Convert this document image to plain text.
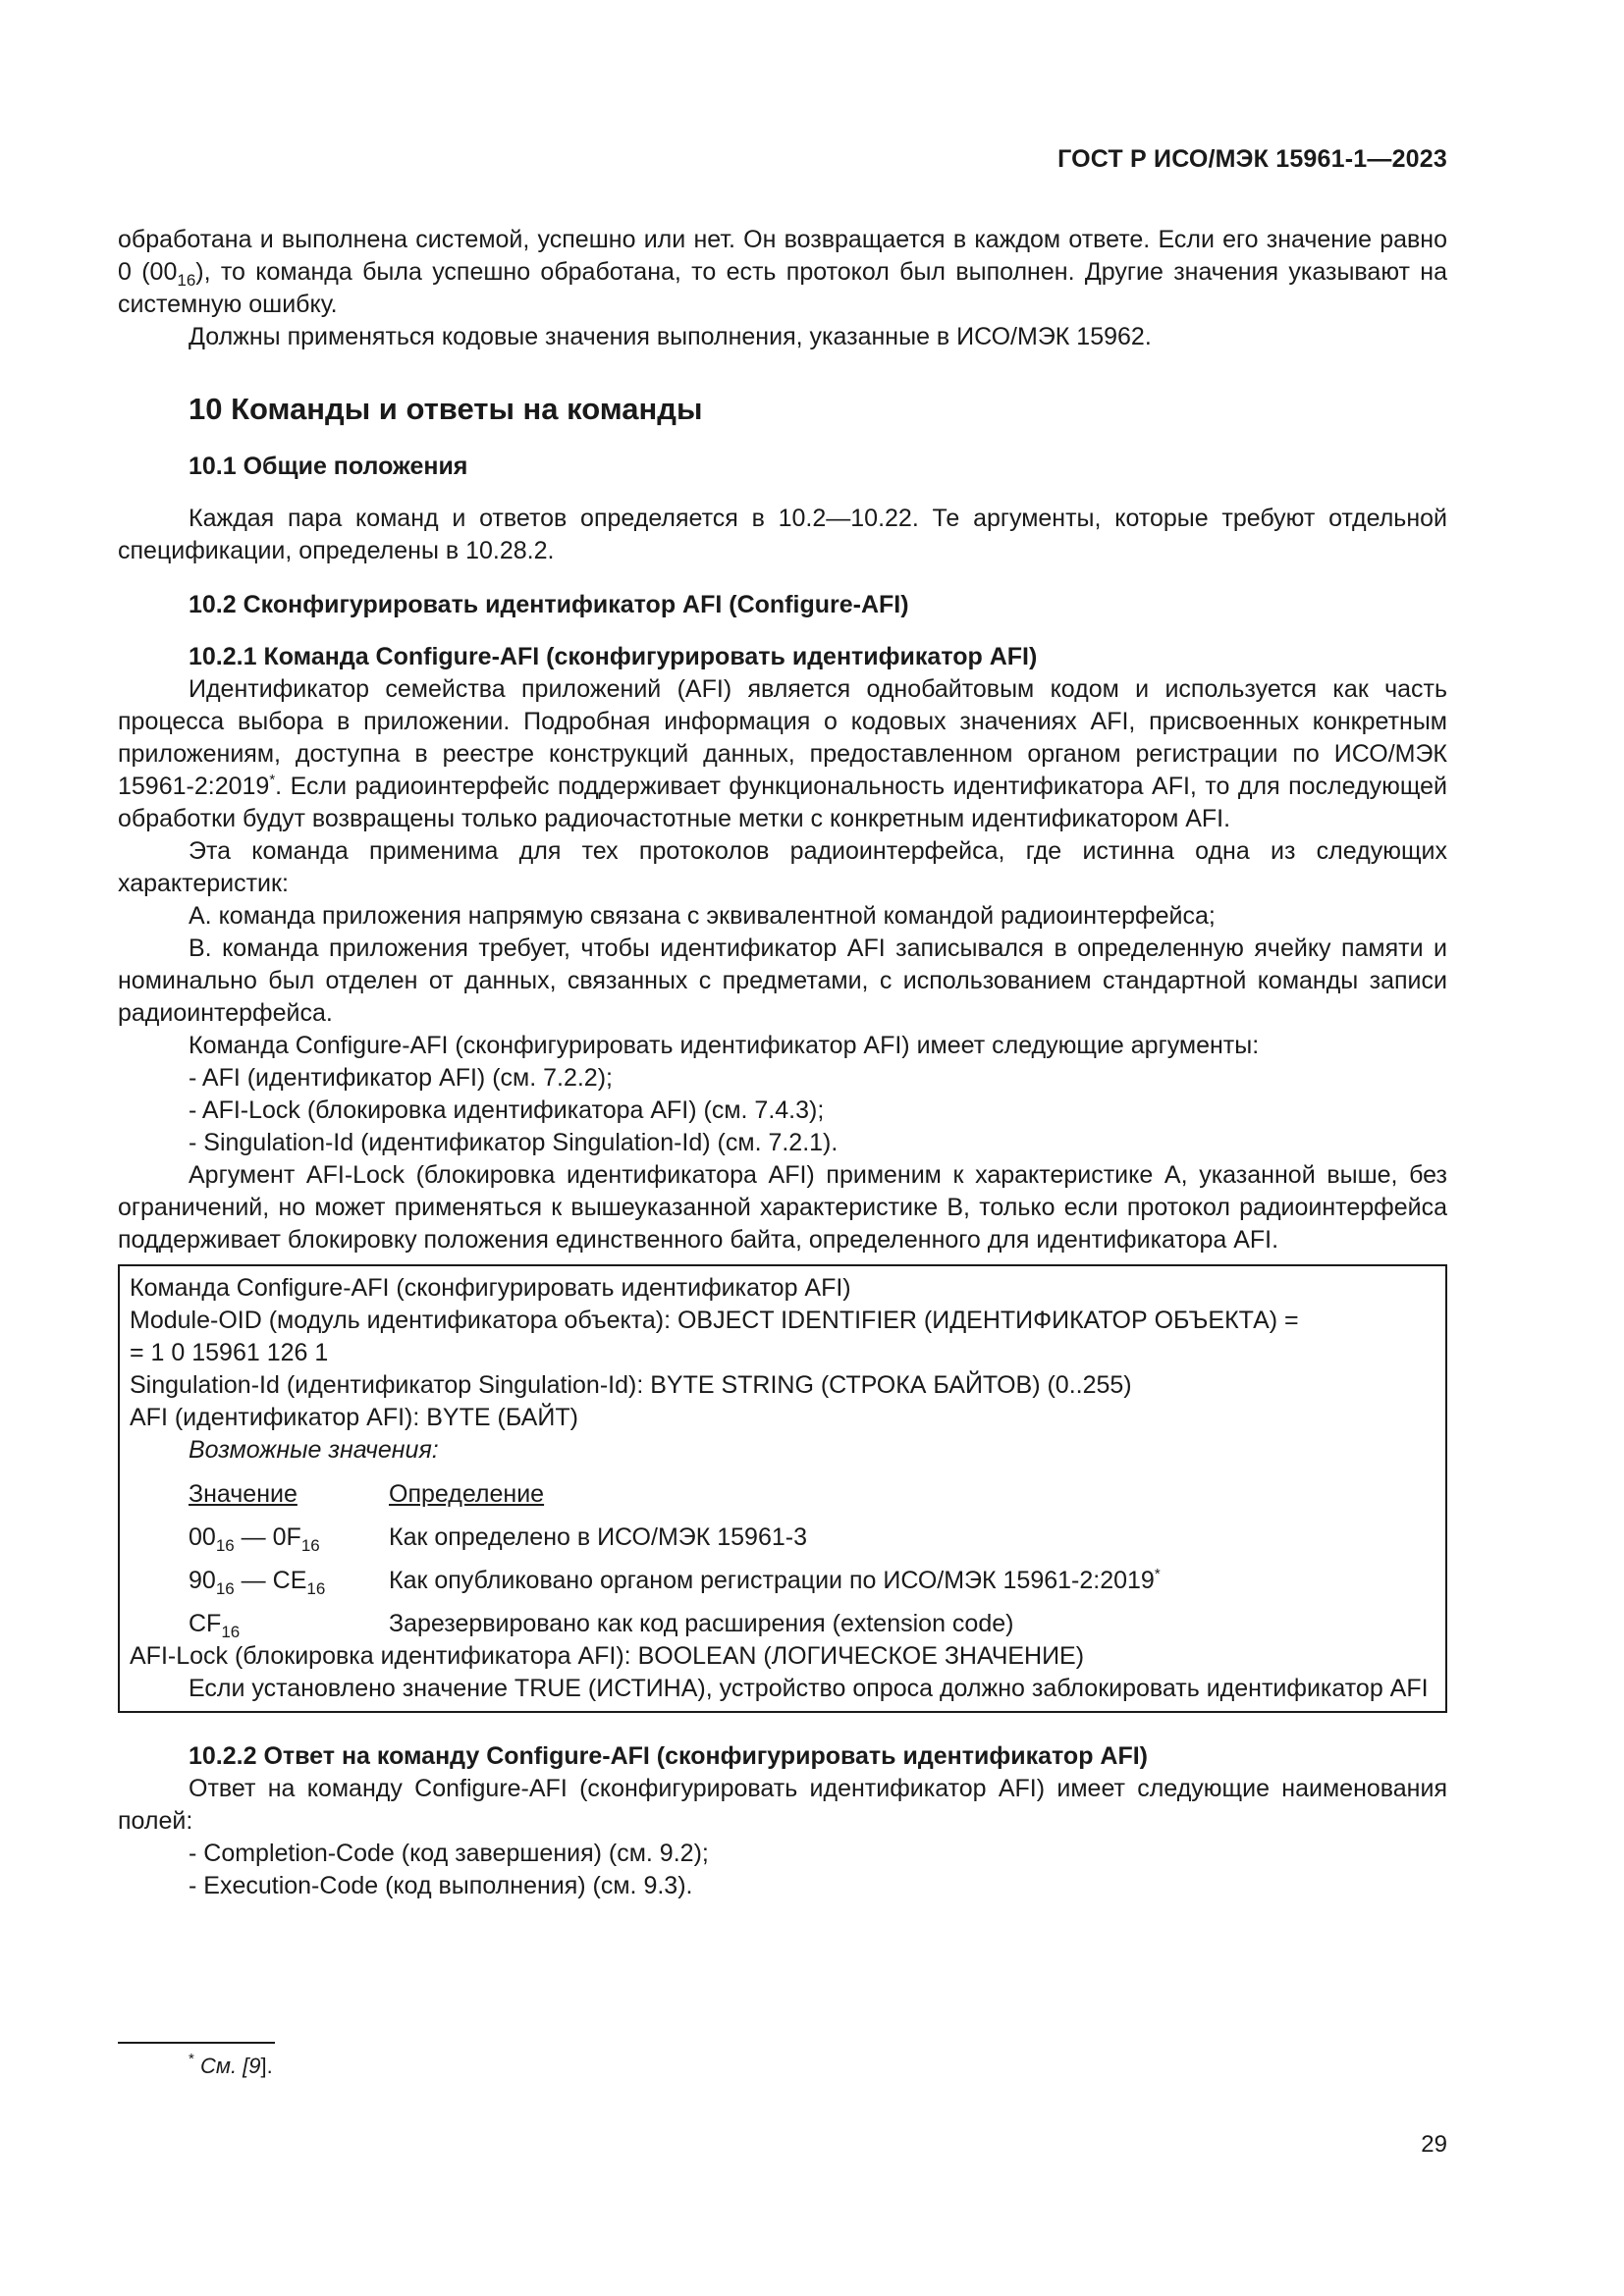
ГОСТ Р ИСО/МЭК 15961-1—2023

обработана и выполнена системой, успешно или нет. Он возвращается в каждом ответе. Если его значение равно 0 $(00_{16})$, то команда была успешно обработана, то есть протокол был выполнен. Другие значения указывают на системную ошибку.

Должны применяться кодовые значения выполнения, указанные в ИСО/МЭК 15962.

10 Команды и ответы на команды

10.1 Общие положения

Каждая пара команд и ответов определяется в 10.2—10.22. Те аргументы, которые требуют отдельной спецификации, определены в 10.28.2.

10.2 Сконфигурировать идентификатор AFI (Configure-AFI)

10.2.1 Команда Configure-AFI (сконфигурировать идентификатор AFI)

Идентификатор семейства приложений (AFI) является однобайтовым кодом и используется как часть процесса выбора в приложении. Подробная информация о кодовых значениях AFI, присвоенных конкретным приложениям, доступна в реестре конструкций данных, предоставленном органом регистрации по ИСО/МЭК 15961-2:2019*. Если радиоинтерфейс поддерживает функциональность идентификатора AFI, то для последующей обработки будут возвращены только радиочастотные метки с конкретным идентификатором AFI.

Эта команда применима для тех протоколов радиоинтерфейса, где истинна одна из следующих характеристик:

А. команда приложения напрямую связана с эквивалентной командой радиоинтерфейса;

В. команда приложения требует, чтобы идентификатор AFI записывался в определенную ячейку памяти и номинально был отделен от данных, связанных с предметами, с использованием стандартной команды записи радиоинтерфейса.

Команда Configure-AFI (сконфигурировать идентификатор AFI) имеет следующие аргументы:

- AFI (идентификатор AFI) (см. 7.2.2);

- AFI-Lock (блокировка идентификатора AFI) (см. 7.4.3);

- Singulation-Id (идентификатор Singulation-Id) (см. 7.2.1).

Аргумент AFI-Lock (блокировка идентификатора AFI) применим к характеристике А, указанной выше, без ограничений, но может применяться к вышеуказанной характеристике В, только если протокол радиоинтерфейса поддерживает блокировку положения единственного байта, определенного для идентификатора AFI.

Команда Configure-AFI (сконфигурировать идентификатор AFI)

Module-OID (модуль идентификатора объекта): OBJECT IDENTIFIER (ИДЕНТИФИКАТОР ОБЪЕКТА) =

= 1 0 15961 126 1

Singulation-Id (идентификатор Singulation-Id): BYTE STRING (СТРОКА БАЙТОВ) (0..255)

AFI (идентификатор AFI): BYTE (БАЙТ)

Возможные значения:

Значение	Определение
$00_{16}$ — $0F_{16}$	Как определено в ИСО/МЭК 15961-3
$90_{16}$ — $CE_{16}$	Как опубликовано органом регистрации по ИСО/МЭК 15961-2:2019*
$CF_{16}$	Зарезервировано как код расширения (extension code)

AFI-Lock (блокировка идентификатора AFI): BOOLEAN (ЛОГИЧЕСКОЕ ЗНАЧЕНИЕ)

Если установлено значение TRUE (ИСТИНА), устройство опроса должно заблокировать идентификатор AFI

10.2.2 Ответ на команду Configure-AFI (сконфигурировать идентификатор AFI)

Ответ на команду Configure-AFI (сконфигурировать идентификатор AFI) имеет следующие наименования полей:

- Completion-Code (код завершения) (см. 9.2);

- Execution-Code (код выполнения) (см. 9.3).

* См. [9].
29
